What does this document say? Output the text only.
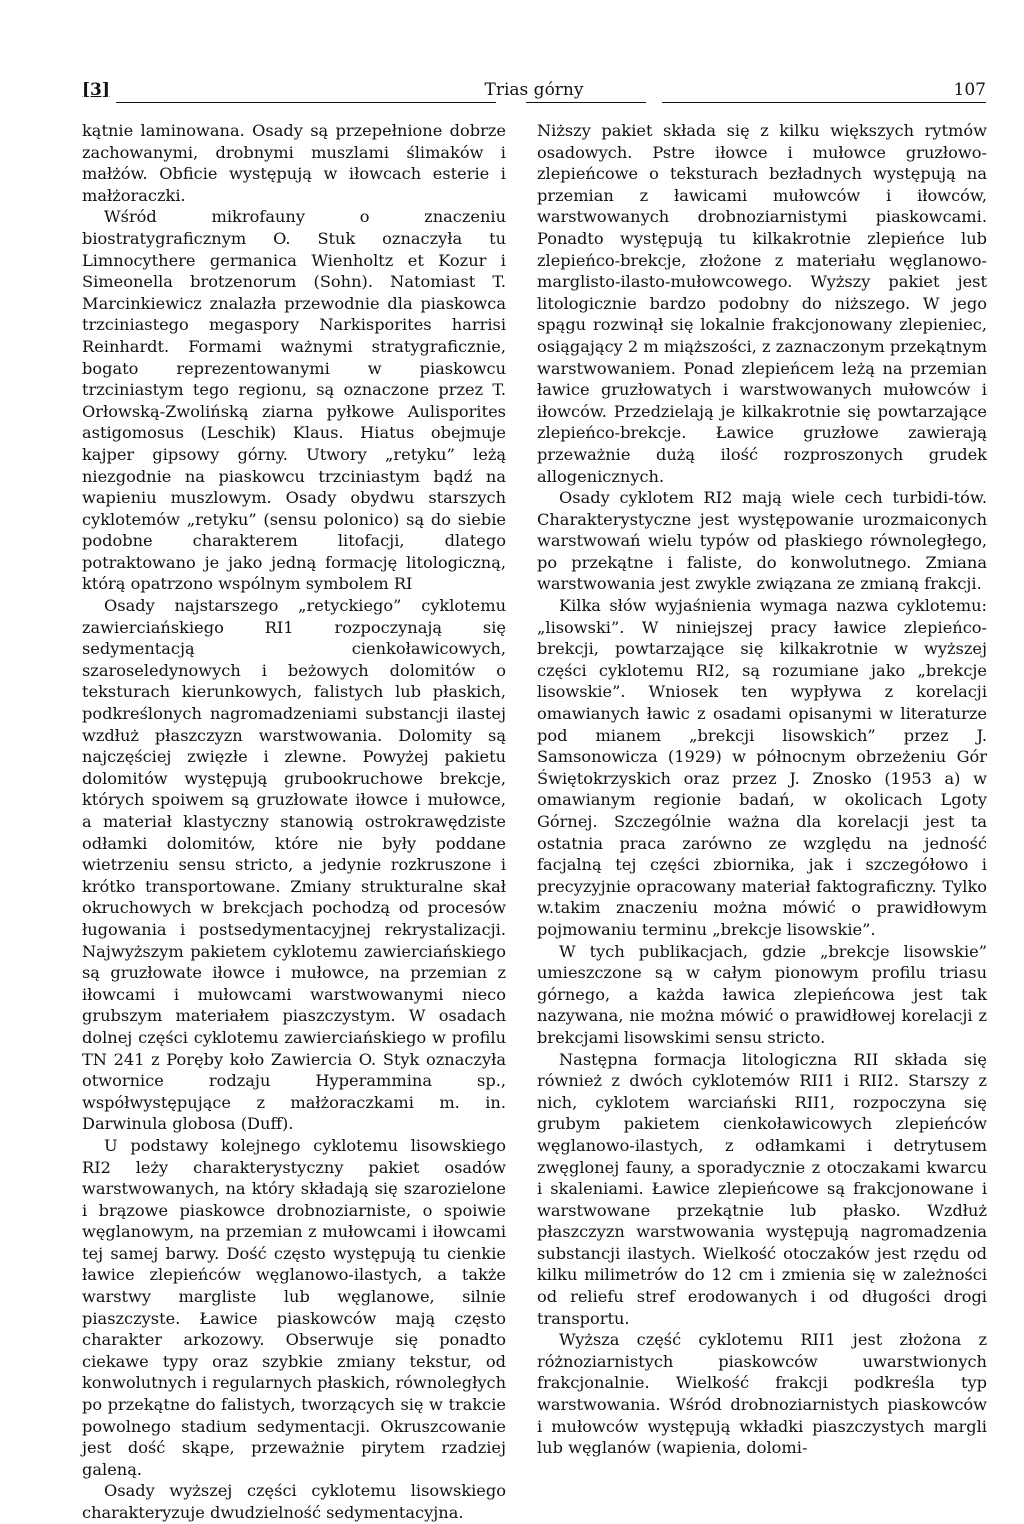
[3]	Trias górny	107

kątnie laminowana. Osady są przepełnione dobrze zachowanymi, drobnymi muszlami ślimaków i małżów. Obficie występują w iłowcach esterie i małżoraczki.

Wśród mikrofauny o znaczeniu biostratygraficznym O. Stuk oznaczyła tu Limnocythere germanica Wienholtz et Kozur i Simeonella brotzenorum (Sohn). Natomiast T. Marcinkiewicz znalazła przewodnie dla piaskowca trzciniastego megaspory Narkisporites harrisi Reinhardt. Formami ważnymi stratygraficznie, bogato reprezentowanymi w piaskowcu trzciniastym tego regionu, są oznaczone przez T. Orłowską-Zwolińską ziarna pyłkowe Aulisporites astigomosus (Leschik) Klaus. Hiatus obejmuje kajper gipsowy górny. Utwory „retyku” leżą niezgodnie na piaskowcu trzciniastym bądź na wapieniu muszlowym. Osady obydwu starszych cyklotemów „retyku” (sensu polonico) są do siebie podobne charakterem litofacji, dlatego potraktowano je jako jedną formację litologiczną, którą opatrzono wspólnym symbolem RI

Osady najstarszego „retyckiego” cyklotemu zawierciańskiego RI1 rozpoczynają się sedymentacją cienkoławicowych, szaroseledynowych i beżowych dolomitów o teksturach kierunkowych, falistych lub płaskich, podkreślonych nagromadzeniami substancji ilastej wzdłuż płaszczyzn warstwowania. Dolomity są najczęściej zwięzłe i zlewne. Powyżej pakietu dolomitów występują grubookruchowe brekcje, których spoiwem są gruzłowate iłowce i mułowce, a materiał klastyczny stanowią ostrokrawędziste odłamki dolomitów, które nie były poddane wietrzeniu sensu stricto, a jedynie rozkruszone i krótko transportowane. Zmiany strukturalne skał okruchowych w brekcjach pochodzą od procesów ługowania i postsedymentacyjnej rekrystalizacji. Najwyższym pakietem cyklotemu zawierciańskiego są gruzłowate iłowce i mułowce, na przemian z iłowcami i mułowcami warstwowanymi nieco grubszym materiałem piaszczystym. W osadach dolnej części cyklotemu zawierciańskiego w profilu TN 241 z Poręby koło Zawiercia O. Styk oznaczyła otwornice rodzaju Hyperammina sp., współwystępujące z małżoraczkami m. in. Darwinula globosa (Duff).

U podstawy kolejnego cyklotemu lisowskiego RI2 leży charakterystyczny pakiet osadów warstwowanych, na który składają się szarozielone i brązowe piaskowce drobnoziarniste, o spoiwie węglanowym, na przemian z mułowcami i iłowcami tej samej barwy. Dość często występują tu cienkie ławice zlepieńców węglanowo-ilastych, a także warstwy margliste lub węglanowe, silnie piaszczyste. Ławice piaskowców mają często charakter arkozowy. Obserwuje się ponadto ciekawe typy oraz szybkie zmiany tekstur, od konwolutnych i regularnych płaskich, równoległych po przekątne do falistych, tworzących się w trakcie powolnego stadium sedymentacji. Okruszcowanie jest dość skąpe, przeważnie pirytem rzadziej galeną.

Osady wyższej części cyklotemu lisowskiego charakteryzuje dwudzielność sedymentacyjna.

Niższy pakiet składa się z kilku większych rytmów osadowych. Pstre iłowce i mułowce gruzłowo-zlepieńcowe o teksturach bezładnych występują na przemian z ławicami mułowców i iłowców, warstwowanych drobnoziarnistymi piaskowcami. Ponadto występują tu kilkakrotnie zlepieńce lub zlepieńco-brekcje, złożone z materiału węglanowo-marglisto-ilasto-mułowcowego. Wyższy pakiet jest litologicznie bardzo podobny do niższego. W jego spągu rozwinął się lokalnie frakcjonowany zlepieniec, osiągający 2 m miąższości, z zaznaczonym przekątnym warstwowaniem. Ponad zlepieńcem leżą na przemian ławice gruzłowatych i warstwowanych mułowców i iłowców. Przedzielają je kilkakrotnie się powtarzające zlepieńco-brekcje. Ławice gruzłowe zawierają przeważnie dużą ilość rozproszonych grudek allogenicznych.

Osady cyklotem RI2 mają wiele cech turbidi-tów. Charakterystyczne jest występowanie urozmaiconych warstwowań wielu typów od płaskiego równoległego, po przekątne i faliste, do konwolutnego. Zmiana warstwowania jest zwykle związana ze zmianą frakcji.

Kilka słów wyjaśnienia wymaga nazwa cyklotemu: „lisowski”. W niniejszej pracy ławice zlepieńco-brekcji, powtarzające się kilkakrotnie w wyższej części cyklotemu RI2, są rozumiane jako „brekcje lisowskie”. Wniosek ten wypływa z korelacji omawianych ławic z osadami opisanymi w literaturze pod mianem „brekcji lisowskich” przez J. Samsonowicza (1929) w północnym obrzeżeniu Gór Świętokrzyskich oraz przez J. Znosko (1953 a) w omawianym regionie badań, w okolicach Lgoty Górnej. Szczególnie ważna dla korelacji jest ta ostatnia praca zarówno ze względu na jedność facjalną tej części zbiornika, jak i szczegółowo i precyzyjnie opracowany materiał faktograficzny. Tylko w.takim znaczeniu można mówić o prawidłowym pojmowaniu terminu „brekcje lisowskie”.

W tych publikacjach, gdzie „brekcje lisowskie” umieszczone są w całym pionowym profilu triasu górnego, a każda ławica zlepieńcowa jest tak nazywana, nie można mówić o prawidłowej korelacji z brekcjami lisowskimi sensu stricto.

Następna formacja litologiczna RII składa się również z dwóch cyklotemów RII1 i RII2. Starszy z nich, cyklotem warciański RII1, rozpoczyna się grubym pakietem cienkoławicowych zlepieńców węglanowo-ilastych, z odłamkami i detrytusem zwęglonej fauny, a sporadycznie z otoczakami kwarcu i skaleniami. Ławice zlepieńcowe są frakcjonowane i warstwowane przekątnie lub płasko. Wzdłuż płaszczyzn warstwowania występują nagromadzenia substancji ilastych. Wielkość otoczaków jest rzędu od kilku milimetrów do 12 cm i zmienia się w zależności od reliefu stref erodowanych i od długości drogi transportu.

Wyższa część cyklotemu RII1 jest złożona z różnoziarnistych piaskowców uwarstwionych frakcjonalnie. Wielkość frakcji podkreśla typ warstwowania. Wśród drobnoziarnistych piaskowców i mułowców występują wkładki piaszczystych margli lub węglanów (wapienia, dolomi-
